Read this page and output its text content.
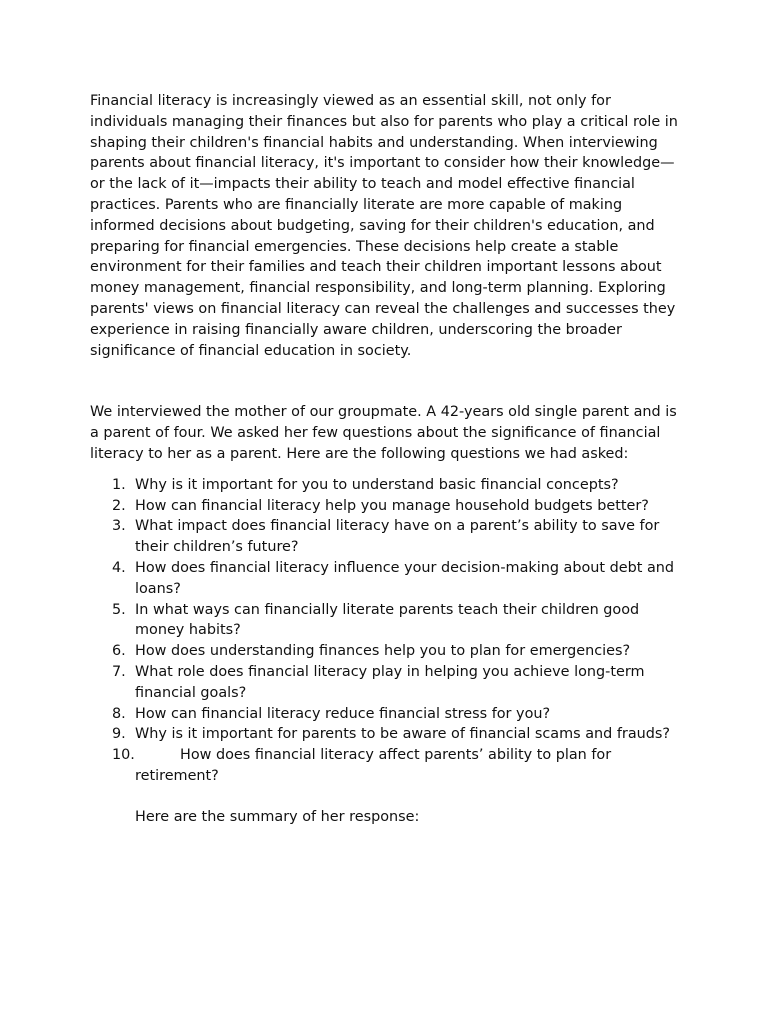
Financial literacy is increasingly viewed as an essential skill, not only for individuals managing their finances but also for parents who play a critical role in shaping their children's financial habits and understanding. When interviewing parents about financial literacy, it's important to consider how their knowledge—or the lack of it—impacts their ability to teach and model effective financial practices. Parents who are financially literate are more capable of making informed decisions about budgeting, saving for their children's education, and preparing for financial emergencies. These decisions help create a stable environment for their families and teach their children important lessons about money management, financial responsibility, and long-term planning. Exploring parents' views on financial literacy can reveal the challenges and successes they experience in raising financially aware children, underscoring the broader significance of financial education in society.

We interviewed the mother of our groupmate. A 42-years old single parent and is a parent of four. We asked her few questions about the significance of financial literacy to her as a parent. Here are the following questions we had asked:

1. Why is it important for you to understand basic financial concepts?
2. How can financial literacy help you manage household budgets better?
3. What impact does financial literacy have on a parent’s ability to save for their children’s future?
4. How does financial literacy influence your decision-making about debt and loans?
5. In what ways can financially literate parents teach their children good money habits?
6. How does understanding finances help you to plan for emergencies?
7. What role does financial literacy play in helping you achieve long-term financial goals?
8. How can financial literacy reduce financial stress for you?
9. Why is it important for parents to be aware of financial scams and frauds?
10.	How does financial literacy affect parents’ ability to plan for retirement?

Here are the summary of her response:
